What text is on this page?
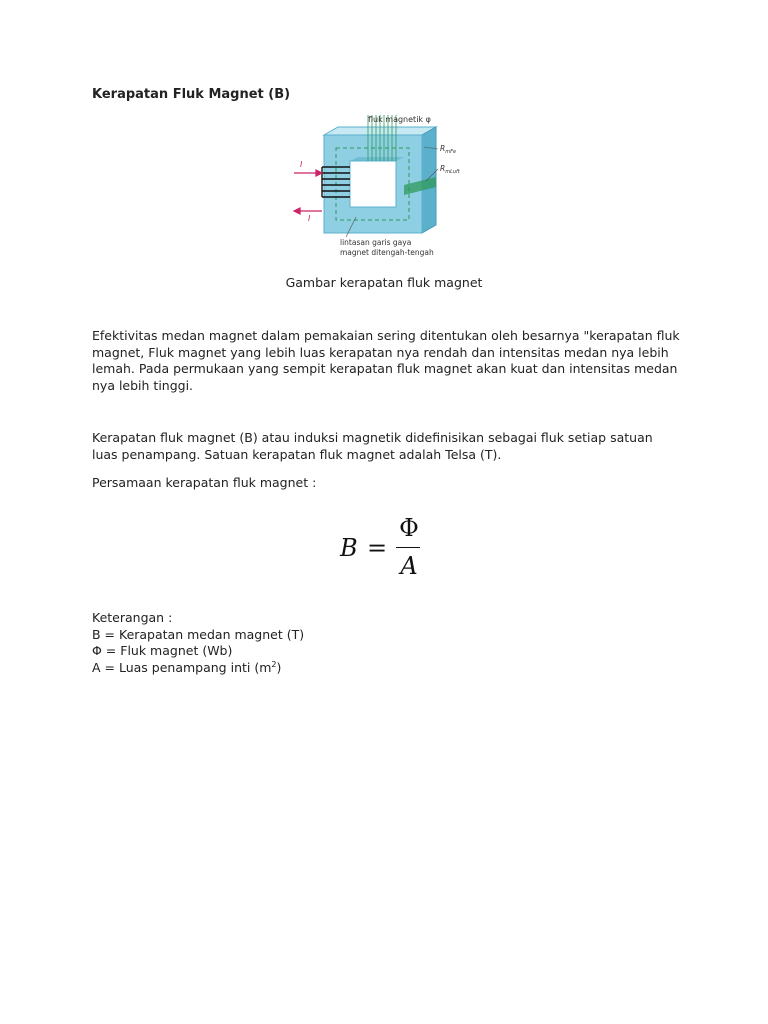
Kerapatan Fluk Magnet (B)
fluk magnetik φ
$R_{mFe}$
$R_{mLuft}$
I
I
lintasan garis gaya
magnet ditengah-tengah
Gambar kerapatan fluk magnet

Efektivitas medan magnet dalam pemakaian sering ditentukan oleh besarnya "kerapatan fluk magnet, Fluk magnet yang lebih luas kerapatan nya rendah dan intensitas medan nya lebih lemah. Pada permukaan yang sempit kerapatan fluk magnet akan kuat dan intensitas medan nya lebih tinggi.

Kerapatan fluk magnet (B) atau induksi magnetik didefinisikan sebagai fluk setiap satuan luas penampang. Satuan kerapatan fluk magnet adalah Telsa (T).

Persamaan kerapatan fluk magnet :

B =
Φ
A
Keterangan :
B = Kerapatan medan magnet (T)
Φ = Fluk magnet (Wb)
A = Luas penampang inti $(m^2)$
